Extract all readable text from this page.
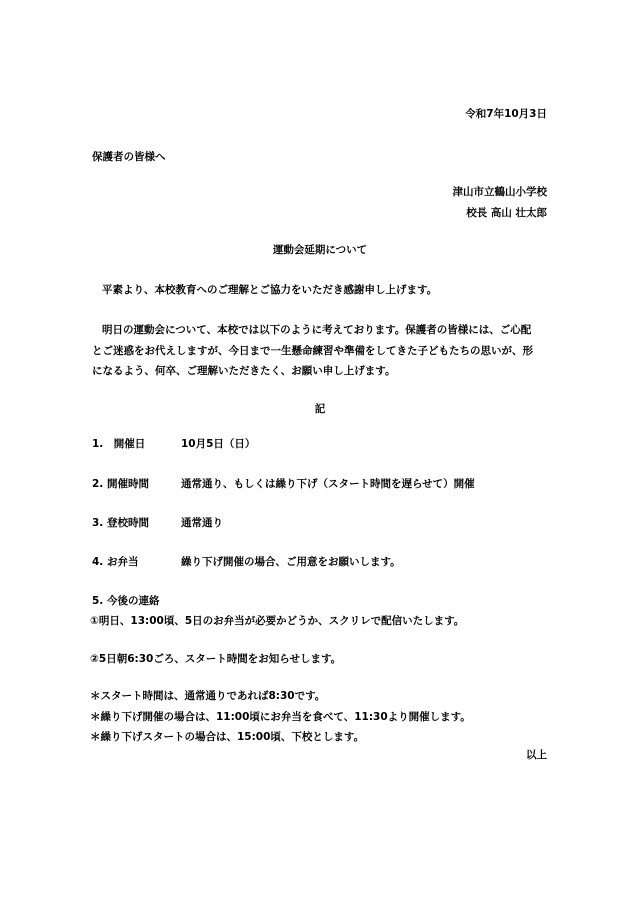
令和7年10月3日
保護者の皆様へ
津山市立鶴山小学校
校長 高山 壮太郎
運動会延期について
平素より、本校教育へのご理解とご協力をいただき感謝申し上げます。
明日の運動会について、本校では以下のように考えております。保護者の皆様には、ご心配
とご迷惑をお代えしますが、今日まで一生懸命練習や準備をしてきた子どもたちの思いが、形
になるよう、何卒、ご理解いただきたく、お願い申し上げます。
記
1.　開催日	10月5日（日）
2. 開催時間	通常通り、もしくは繰り下げ（スタート時間を遅らせて）開催
3. 登校時間	通常通り
4. お弁当	繰り下げ開催の場合、ご用意をお願いします。
5. 今後の連絡
①明日、13:00頃、5日のお弁当が必要かどうか、スクリレで配信いたします。
②5日朝6:30ごろ、スタート時間をお知らせします。
＊スタート時間は、通常通りであれば8:30です。
＊繰り下げ開催の場合は、11:00頃にお弁当を食べて、11:30より開催します。
＊繰り下げスタートの場合は、15:00頃、下校とします。
以上
